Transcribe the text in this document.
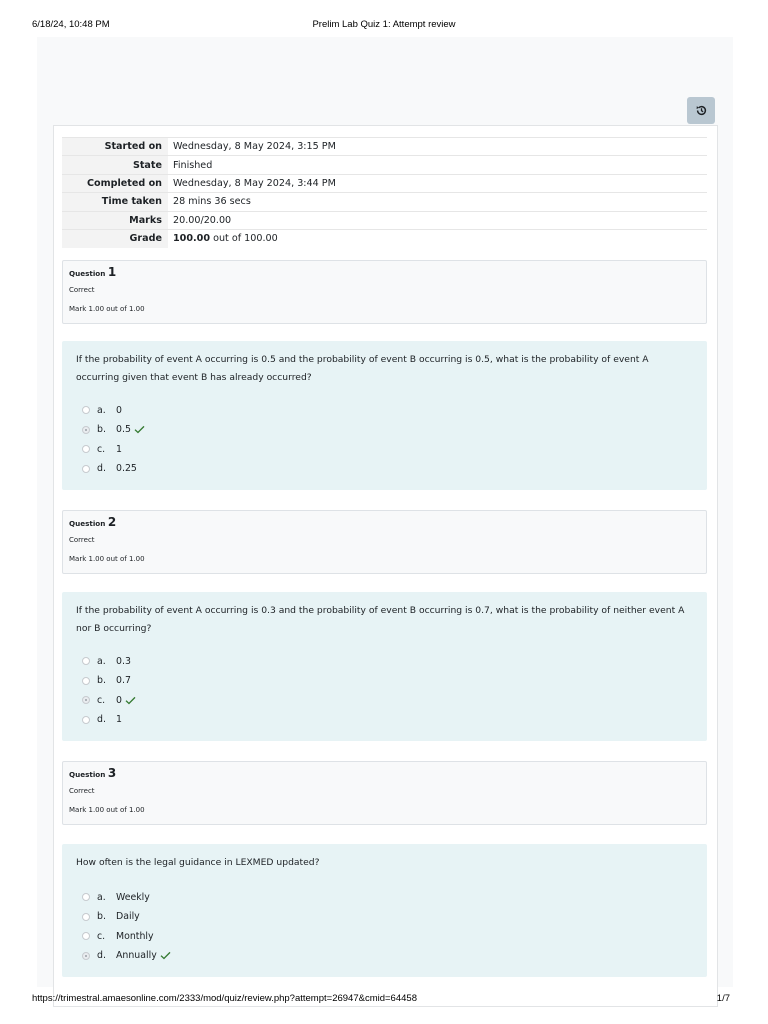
6/18/24, 10:48 PM	Prelim Lab Quiz 1: Attempt review
Started on	Wednesday, 8 May 2024, 3:15 PM
State	Finished
Completed on	Wednesday, 8 May 2024, 3:44 PM
Time taken	28 mins 36 secs
Marks	20.00/20.00
Grade	100.00 out of 100.00
Question 1
Correct
Mark 1.00 out of 1.00
If the probability of event A occurring is 0.5 and the probability of event B occurring is 0.5, what is the probability of event A occurring given that event B has already occurred?
a.	0
b.	0.5
c.	1
d.	0.25
Question 2
Correct
Mark 1.00 out of 1.00
If the probability of event A occurring is 0.3 and the probability of event B occurring is 0.7, what is the probability of neither event A nor B occurring?
a.	0.3
b.	0.7
c.	0
d.	1
Question 3
Correct
Mark 1.00 out of 1.00
How often is the legal guidance in LEXMED updated?
a.	Weekly
b.	Daily
c.	Monthly
d.	Annually
https://trimestral.amaesonline.com/2333/mod/quiz/review.php?attempt=26947&cmid=64458	1/7
